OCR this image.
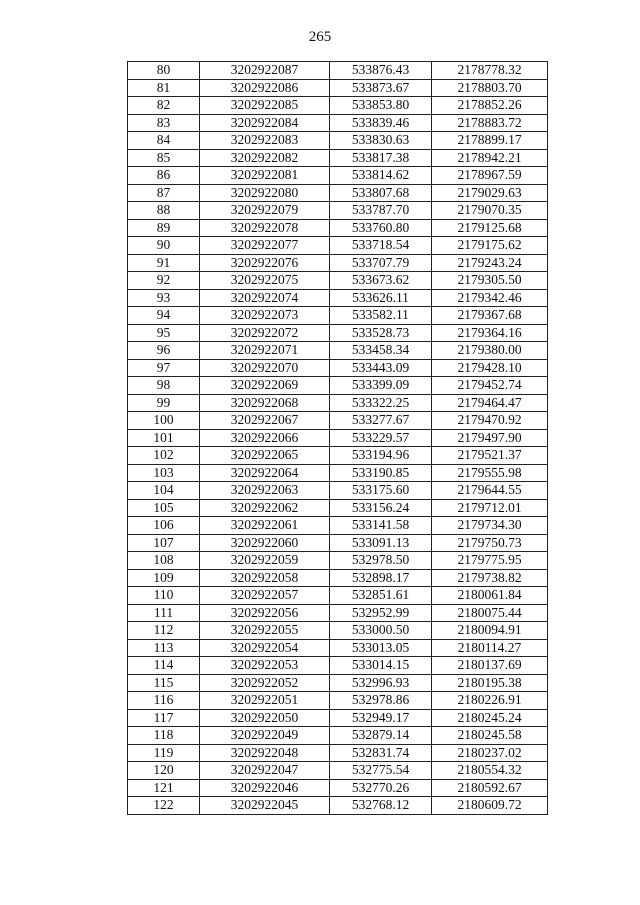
265
80	3202922087	533876.43	2178778.32
81	3202922086	533873.67	2178803.70
82	3202922085	533853.80	2178852.26
83	3202922084	533839.46	2178883.72
84	3202922083	533830.63	2178899.17
85	3202922082	533817.38	2178942.21
86	3202922081	533814.62	2178967.59
87	3202922080	533807.68	2179029.63
88	3202922079	533787.70	2179070.35
89	3202922078	533760.80	2179125.68
90	3202922077	533718.54	2179175.62
91	3202922076	533707.79	2179243.24
92	3202922075	533673.62	2179305.50
93	3202922074	533626.11	2179342.46
94	3202922073	533582.11	2179367.68
95	3202922072	533528.73	2179364.16
96	3202922071	533458.34	2179380.00
97	3202922070	533443.09	2179428.10
98	3202922069	533399.09	2179452.74
99	3202922068	533322.25	2179464.47
100	3202922067	533277.67	2179470.92
101	3202922066	533229.57	2179497.90
102	3202922065	533194.96	2179521.37
103	3202922064	533190.85	2179555.98
104	3202922063	533175.60	2179644.55
105	3202922062	533156.24	2179712.01
106	3202922061	533141.58	2179734.30
107	3202922060	533091.13	2179750.73
108	3202922059	532978.50	2179775.95
109	3202922058	532898.17	2179738.82
110	3202922057	532851.61	2180061.84
111	3202922056	532952.99	2180075.44
112	3202922055	533000.50	2180094.91
113	3202922054	533013.05	2180114.27
114	3202922053	533014.15	2180137.69
115	3202922052	532996.93	2180195.38
116	3202922051	532978.86	2180226.91
117	3202922050	532949.17	2180245.24
118	3202922049	532879.14	2180245.58
119	3202922048	532831.74	2180237.02
120	3202922047	532775.54	2180554.32
121	3202922046	532770.26	2180592.67
122	3202922045	532768.12	2180609.72
